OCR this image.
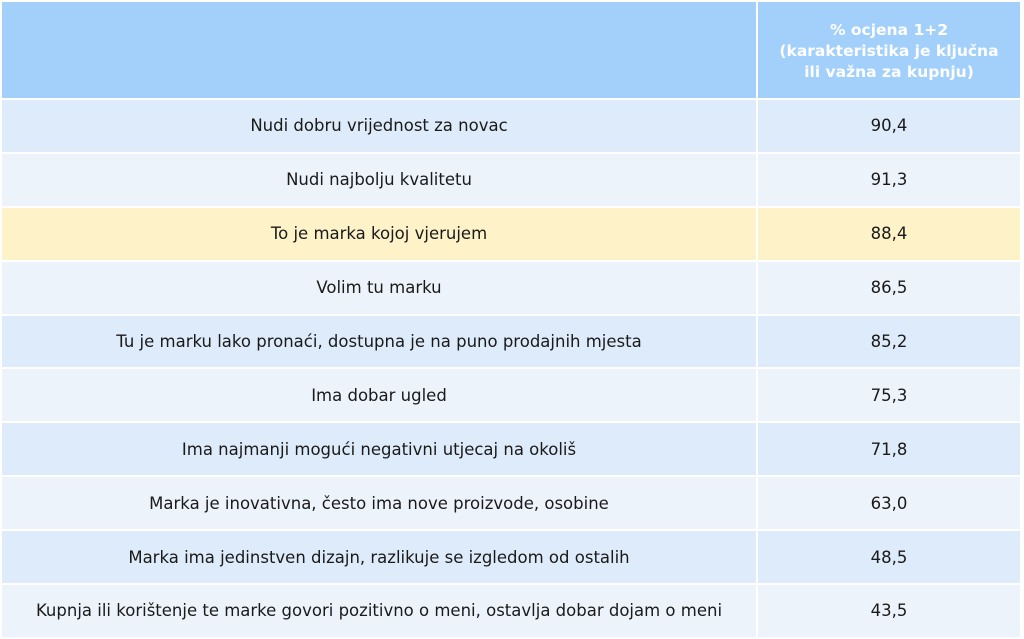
% ocjena 1+2
(karakteristika je ključna
ili važna za kupnju)
Nudi dobru vrijednost za novac	90,4
Nudi najbolju kvalitetu	91,3
To je marka kojoj vjerujem	88,4
Volim tu marku	86,5
Tu je marku lako pronaći, dostupna je na puno prodajnih mjesta	85,2
Ima dobar ugled	75,3
Ima najmanji mogući negativni utjecaj na okoliš	71,8
Marka je inovativna, često ima nove proizvode, osobine	63,0
Marka ima jedinstven dizajn, razlikuje se izgledom od ostalih	48,5
Kupnja ili korištenje te marke govori pozitivno o meni, ostavlja dobar dojam o meni	43,5
